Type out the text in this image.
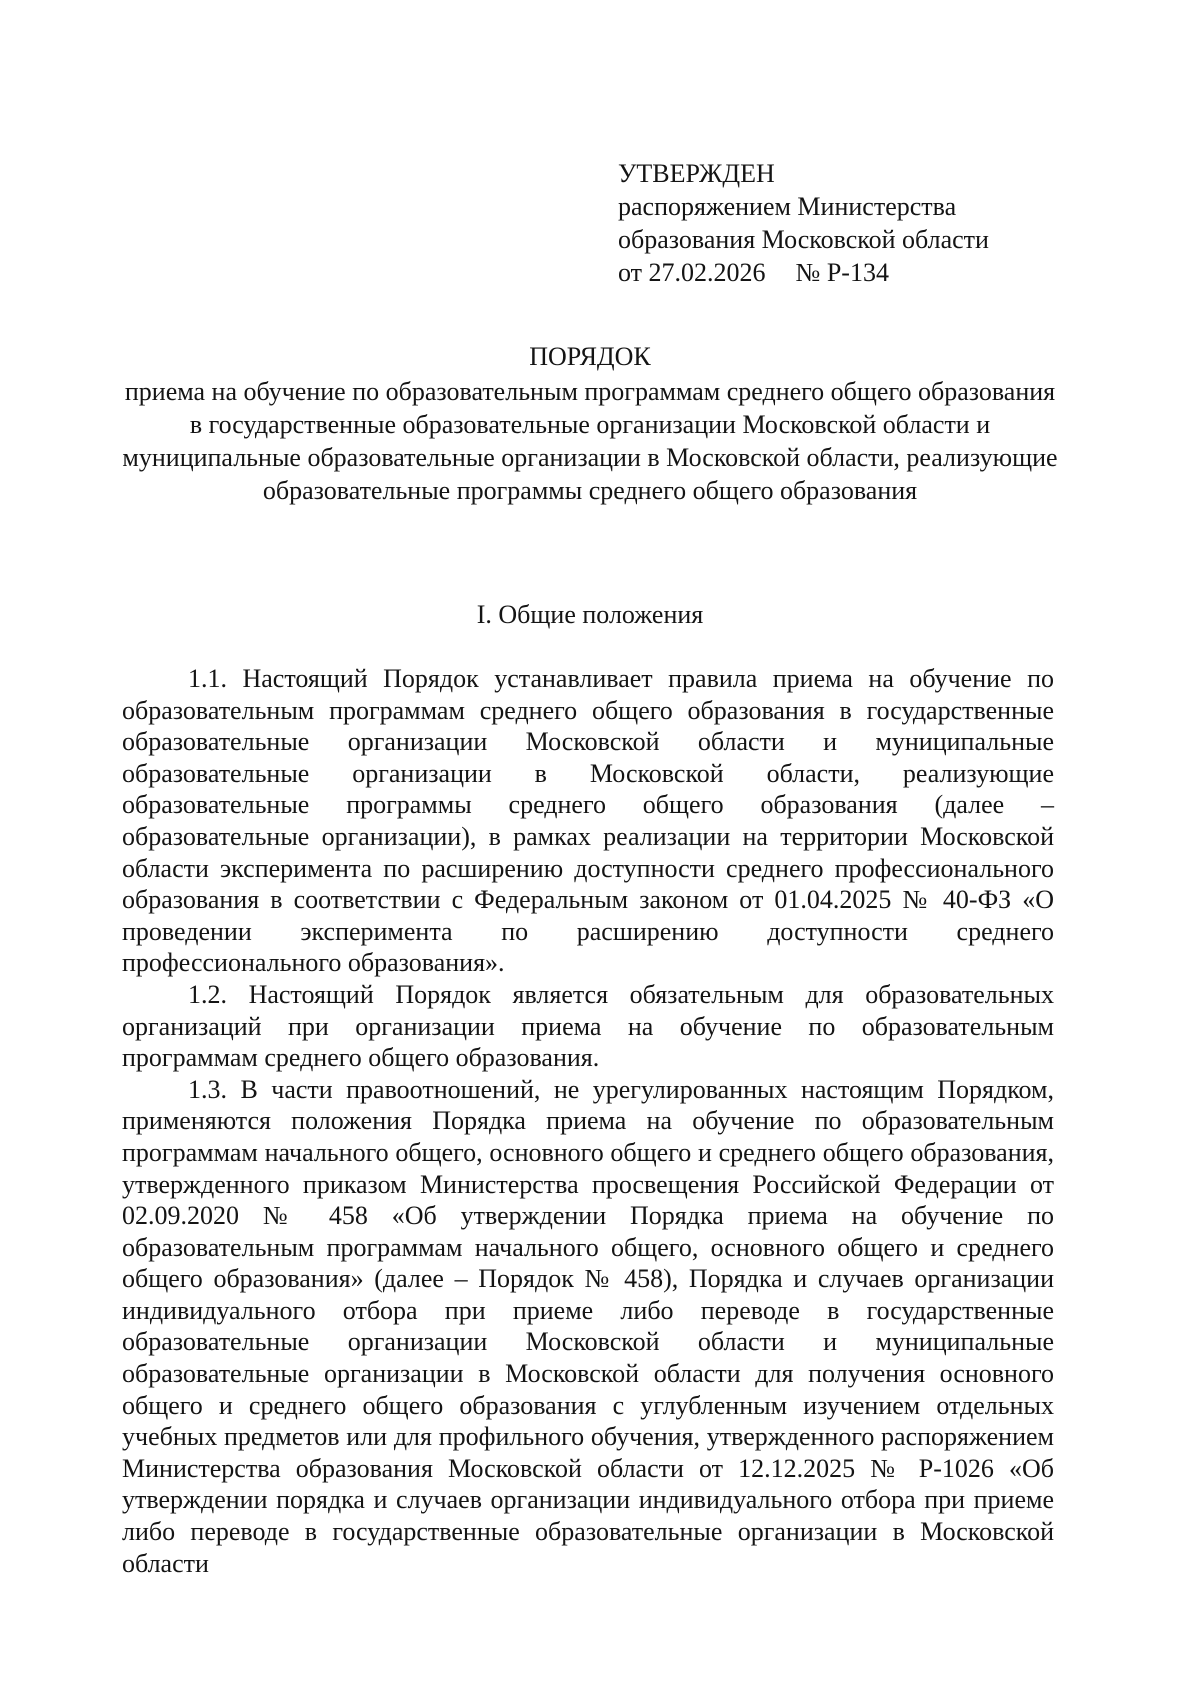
УТВЕРЖДЕН
распоряжением Министерства
образования Московской области
от 27.02.2026 № Р-134
ПОРЯДОК
приема на обучение по образовательным программам среднего общего образования в государственные образовательные организации Московской области и муниципальные образовательные организации в Московской области, реализующие образовательные программы среднего общего образования
I. Общие положения

1.1. Настоящий Порядок устанавливает правила приема на обучение по образовательным программам среднего общего образования в государственные образовательные организации Московской области и муниципальные образовательные организации в Московской области, реализующие образовательные программы среднего общего образования (далее – образовательные организации), в рамках реализации на территории Московской области эксперимента по расширению доступности среднего профессионального образования в соответствии с Федеральным законом от 01.04.2025 № 40-ФЗ «О проведении эксперимента по расширению доступности среднего профессионального образования».

1.2. Настоящий Порядок является обязательным для образовательных организаций при организации приема на обучение по образовательным программам среднего общего образования.

1.3. В части правоотношений, не урегулированных настоящим Порядком, применяются положения Порядка приема на обучение по образовательным программам начального общего, основного общего и среднего общего образования, утвержденного приказом Министерства просвещения Российской Федерации от 02.09.2020 № 458 «Об утверждении Порядка приема на обучение по образовательным программам начального общего, основного общего и среднего общего образования» (далее – Порядок № 458), Порядка и случаев организации индивидуального отбора при приеме либо переводе в государственные образовательные организации Московской области и муниципальные образовательные организации в Московской области для получения основного общего и среднего общего образования с углубленным изучением отдельных учебных предметов или для профильного обучения, утвержденного распоряжением Министерства образования Московской области от 12.12.2025 № Р-1026 «Об утверждении порядка и случаев организации индивидуального отбора при приеме либо переводе в государственные образовательные организации в Московской области
